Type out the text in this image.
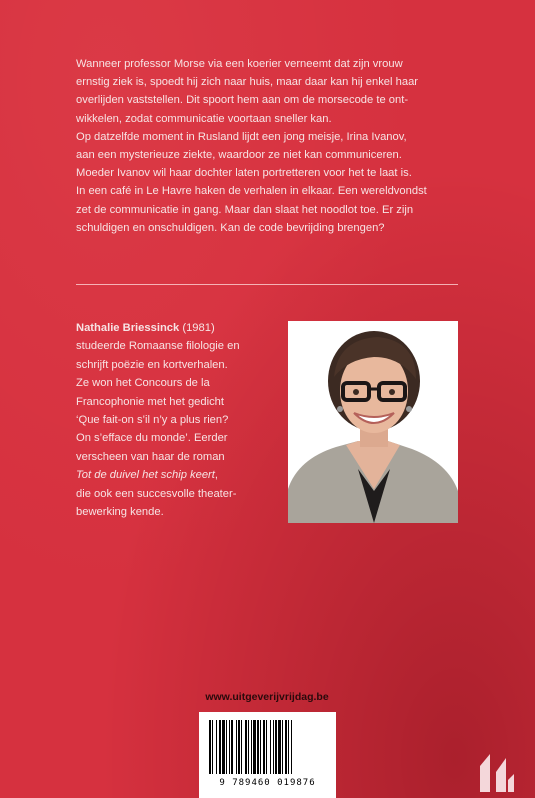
Wanneer professor Morse via een koerier verneemt dat zijn vrouw

ernstig ziek is, spoedt hij zich naar huis, maar daar kan hij enkel haar

overlijden vaststellen. Dit spoort hem aan om de morsecode te ont-

wikkelen, zodat communicatie voortaan sneller kan.

Op datzelfde moment in Rusland lijdt een jong meisje, Irina Ivanov,

aan een mysterieuze ziekte, waardoor ze niet kan communiceren.

Moeder Ivanov wil haar dochter laten portretteren voor het te laat is.

In een café in Le Havre haken de verhalen in elkaar. Een wereldvondst

zet de communicatie in gang. Maar dan slaat het noodlot toe. Er zijn

schuldigen en onschuldigen. Kan de code bevrijding brengen?

Nathalie Briessinck (1981)

studeerde Romaanse filologie en

schrijft poëzie en kortverhalen.

Ze won het Concours de la

Francophonie met het gedicht

‘Que fait-on s’il n’y a plus rien?

On s’efface du monde’. Eerder

verscheen van haar de roman

Tot de duivel het schip keert,

die ook een succesvolle theater-

bewerking kende.

www.uitgeverijvrijdag.be
9 789460 019876
